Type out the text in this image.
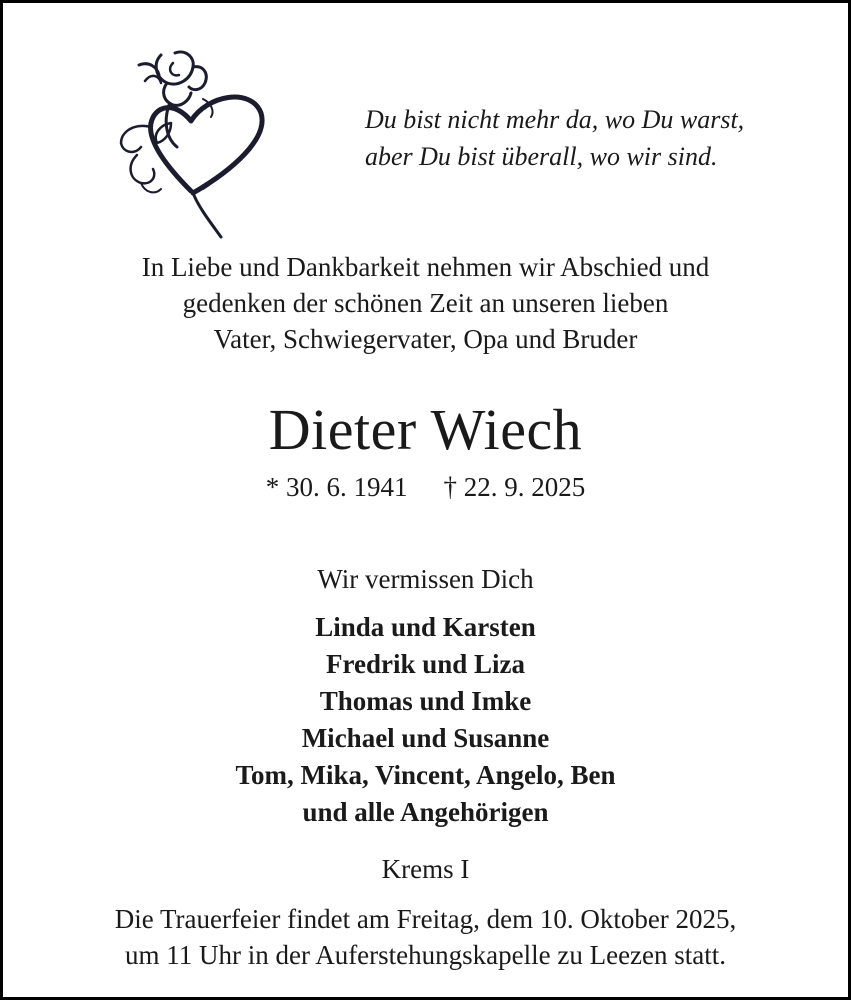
Du bist nicht mehr da, wo Du warst,
aber Du bist überall, wo wir sind.
In Liebe und Dankbarkeit nehmen wir Abschied und
gedenken der schönen Zeit an unseren lieben
Vater, Schwiegervater, Opa und Bruder
Dieter Wiech
* 30. 6. 1941 † 22. 9. 2025
Wir vermissen Dich
Linda und Karsten
Fredrik und Liza
Thomas und Imke
Michael und Susanne
Tom, Mika, Vincent, Angelo, Ben
und alle Angehörigen
Krems I
Die Trauerfeier findet am Freitag, dem 10. Oktober 2025,
um 11 Uhr in der Auferstehungskapelle zu Leezen statt.
